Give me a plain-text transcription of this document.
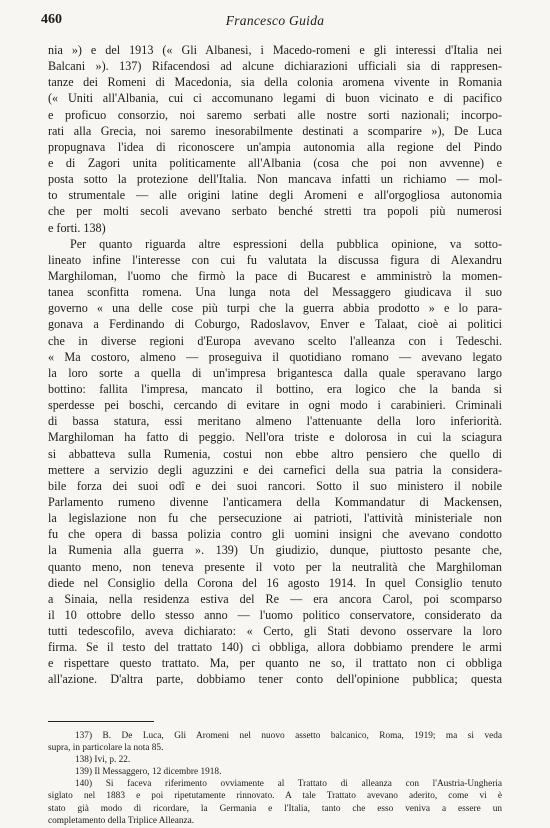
460	Francesco Guida
nia ») e del 1913 (« Gli Albanesi, i Macedo-romeni e gli interessi d'Italia nei
Balcani »). 137) Rifacendosi ad alcune dichiarazioni ufficiali sia di rappresen-
tanze dei Romeni di Macedonia, sia della colonia aromena vivente in Romania
(« Uniti all'Albania, cui ci accomunano legami di buon vicinato e di pacifico
e proficuo consorzio, noi saremo serbati alle nostre sorti nazionali; incorpo-
rati alla Grecia, noi saremo inesorabilmente destinati a scomparire »), De Luca
propugnava l'idea di riconoscere un'ampia autonomia alla regione del Pindo
e di Zagori unita politicamente all'Albania (cosa che poi non avvenne) e
posta sotto la protezione dell'Italia. Non mancava infatti un richiamo — mol-
to strumentale — alle origini latine degli Aromeni e all'orgogliosa autonomia
che per molti secoli avevano serbato benché stretti tra popoli più numerosi
e forti. 138)
Per quanto riguarda altre espressioni della pubblica opinione, va sotto-
lineato infine l'interesse con cui fu valutata la discussa figura di Alexandru
Marghiloman, l'uomo che firmò la pace di Bucarest e amministrò la momen-
tanea sconfitta romena. Una lunga nota del Messaggero giudicava il suo
governo « una delle cose più turpi che la guerra abbia prodotto » e lo para-
gonava a Ferdinando di Coburgo, Radoslavov, Enver e Talaat, cioè ai politici
che in diverse regioni d'Europa avevano scelto l'alleanza con i Tedeschi.
« Ma costoro, almeno — proseguiva il quotidiano romano — avevano legato
la loro sorte a quella di un'impresa brigantesca dalla quale speravano largo
bottino: fallita l'impresa, mancato il bottino, era logico che la banda si
sperdesse pei boschi, cercando di evitare in ogni modo i carabinieri. Criminali
di bassa statura, essi meritano almeno l'attenuante della loro inferiorità.
Marghiloman ha fatto di peggio. Nell'ora triste e dolorosa in cui la sciagura
si abbatteva sulla Rumenia, costui non ebbe altro pensiero che quello di
mettere a servizio degli aguzzini e dei carnefici della sua patria la considera-
bile forza dei suoi odî e dei suoi rancori. Sotto il suo ministero il nobile
Parlamento rumeno divenne l'anticamera della Kommandatur di Mackensen,
la legislazione non fu che persecuzione ai patrioti, l'attività ministeriale non
fu che opera di bassa polizia contro gli uomini insigni che avevano condotto
la Rumenia alla guerra ». 139) Un giudizio, dunque, piuttosto pesante che,
quanto meno, non teneva presente il voto per la neutralità che Marghiloman
diede nel Consiglio della Corona del 16 agosto 1914. In quel Consiglio tenuto
a Sinaia, nella residenza estiva del Re — era ancora Carol, poi scomparso
il 10 ottobre dello stesso anno — l'uomo politico conservatore, considerato da
tutti tedescofilo, aveva dichiarato: « Certo, gli Stati devono osservare la loro
firma. Se il testo del trattato 140) ci obbliga, allora dobbiamo prendere le armi
e rispettare questo trattato. Ma, per quanto ne so, il trattato non ci obbliga
all'azione. D'altra parte, dobbiamo tener conto dell'opinione pubblica; questa
137) B. De Luca, Gli Aromeni nel nuovo assetto balcanico, Roma, 1919; ma si veda
supra, in particolare la nota 85.
138) Ivi, p. 22.
139) Il Messaggero, 12 dicembre 1918.
140) Si faceva riferimento ovviamente al Trattato di alleanza con l'Austria-Ungheria
siglato nel 1883 e poi ripetutamente rinnovato. A tale Trattato avevano aderito, come vi è
stato già modo di ricordare, la Germania e l'Italia, tanto che esso veniva a essere un
completamento della Triplice Alleanza.
